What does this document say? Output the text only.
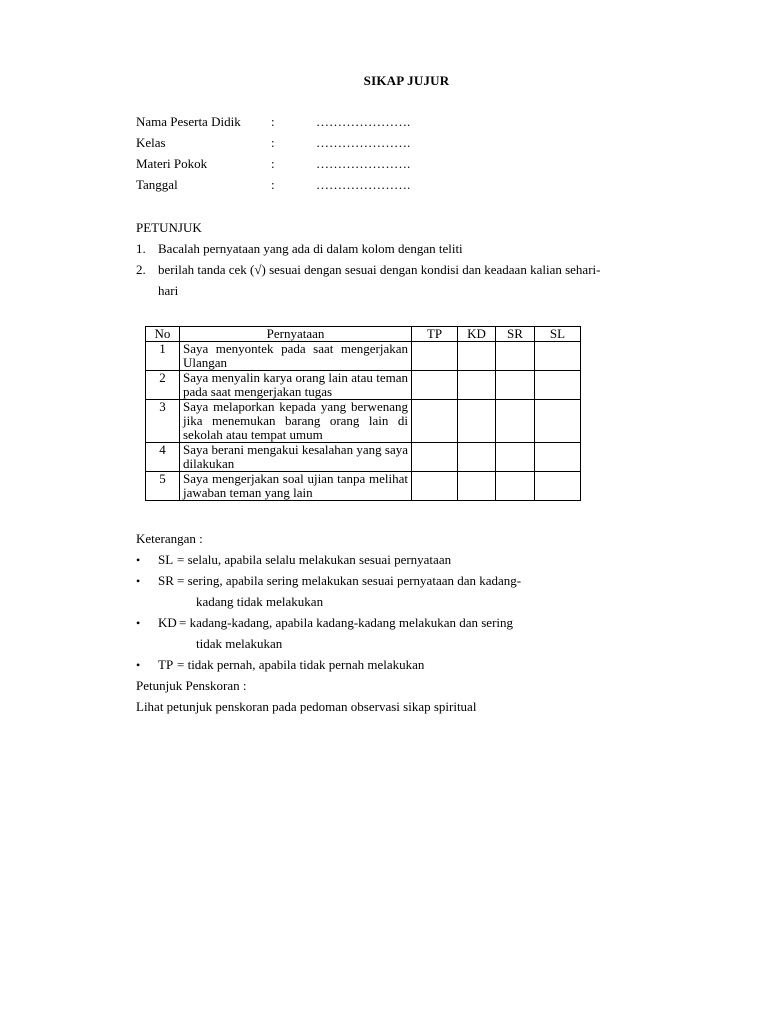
SIKAP JUJUR
Nama Peserta Didik :	………………….
Kelas	:	………………….
Materi Pokok	:	………………….
Tanggal	:	………………….
PETUNJUK
1. Bacalah pernyataan yang ada di dalam kolom dengan teliti
2. berilah tanda cek (√) sesuai dengan sesuai dengan kondisi dan keadaan kalian sehari-
hari
No	Pernyataan	TP	KD	SR	SL
1	Saya menyontek pada saat mengerjakan Ulangan				
2	Saya menyalin karya orang lain atau teman pada saat mengerjakan tugas				
3	Saya melaporkan kepada yang berwenang jika menemukan barang orang lain di sekolah atau tempat umum				
4	Saya berani mengakui kesalahan yang saya dilakukan				
5	Saya mengerjakan soal ujian tanpa melihat jawaban teman yang lain				
Keterangan :
• SL = selalu, apabila selalu melakukan sesuai pernyataan
• SR = sering, apabila sering melakukan sesuai pernyataan dan kadang-
kadang tidak melakukan
• KD = kadang-kadang, apabila kadang-kadang melakukan dan sering
tidak melakukan
• TP = tidak pernah, apabila tidak pernah melakukan
Petunjuk Penskoran :
Lihat petunjuk penskoran pada pedoman observasi sikap spiritual
